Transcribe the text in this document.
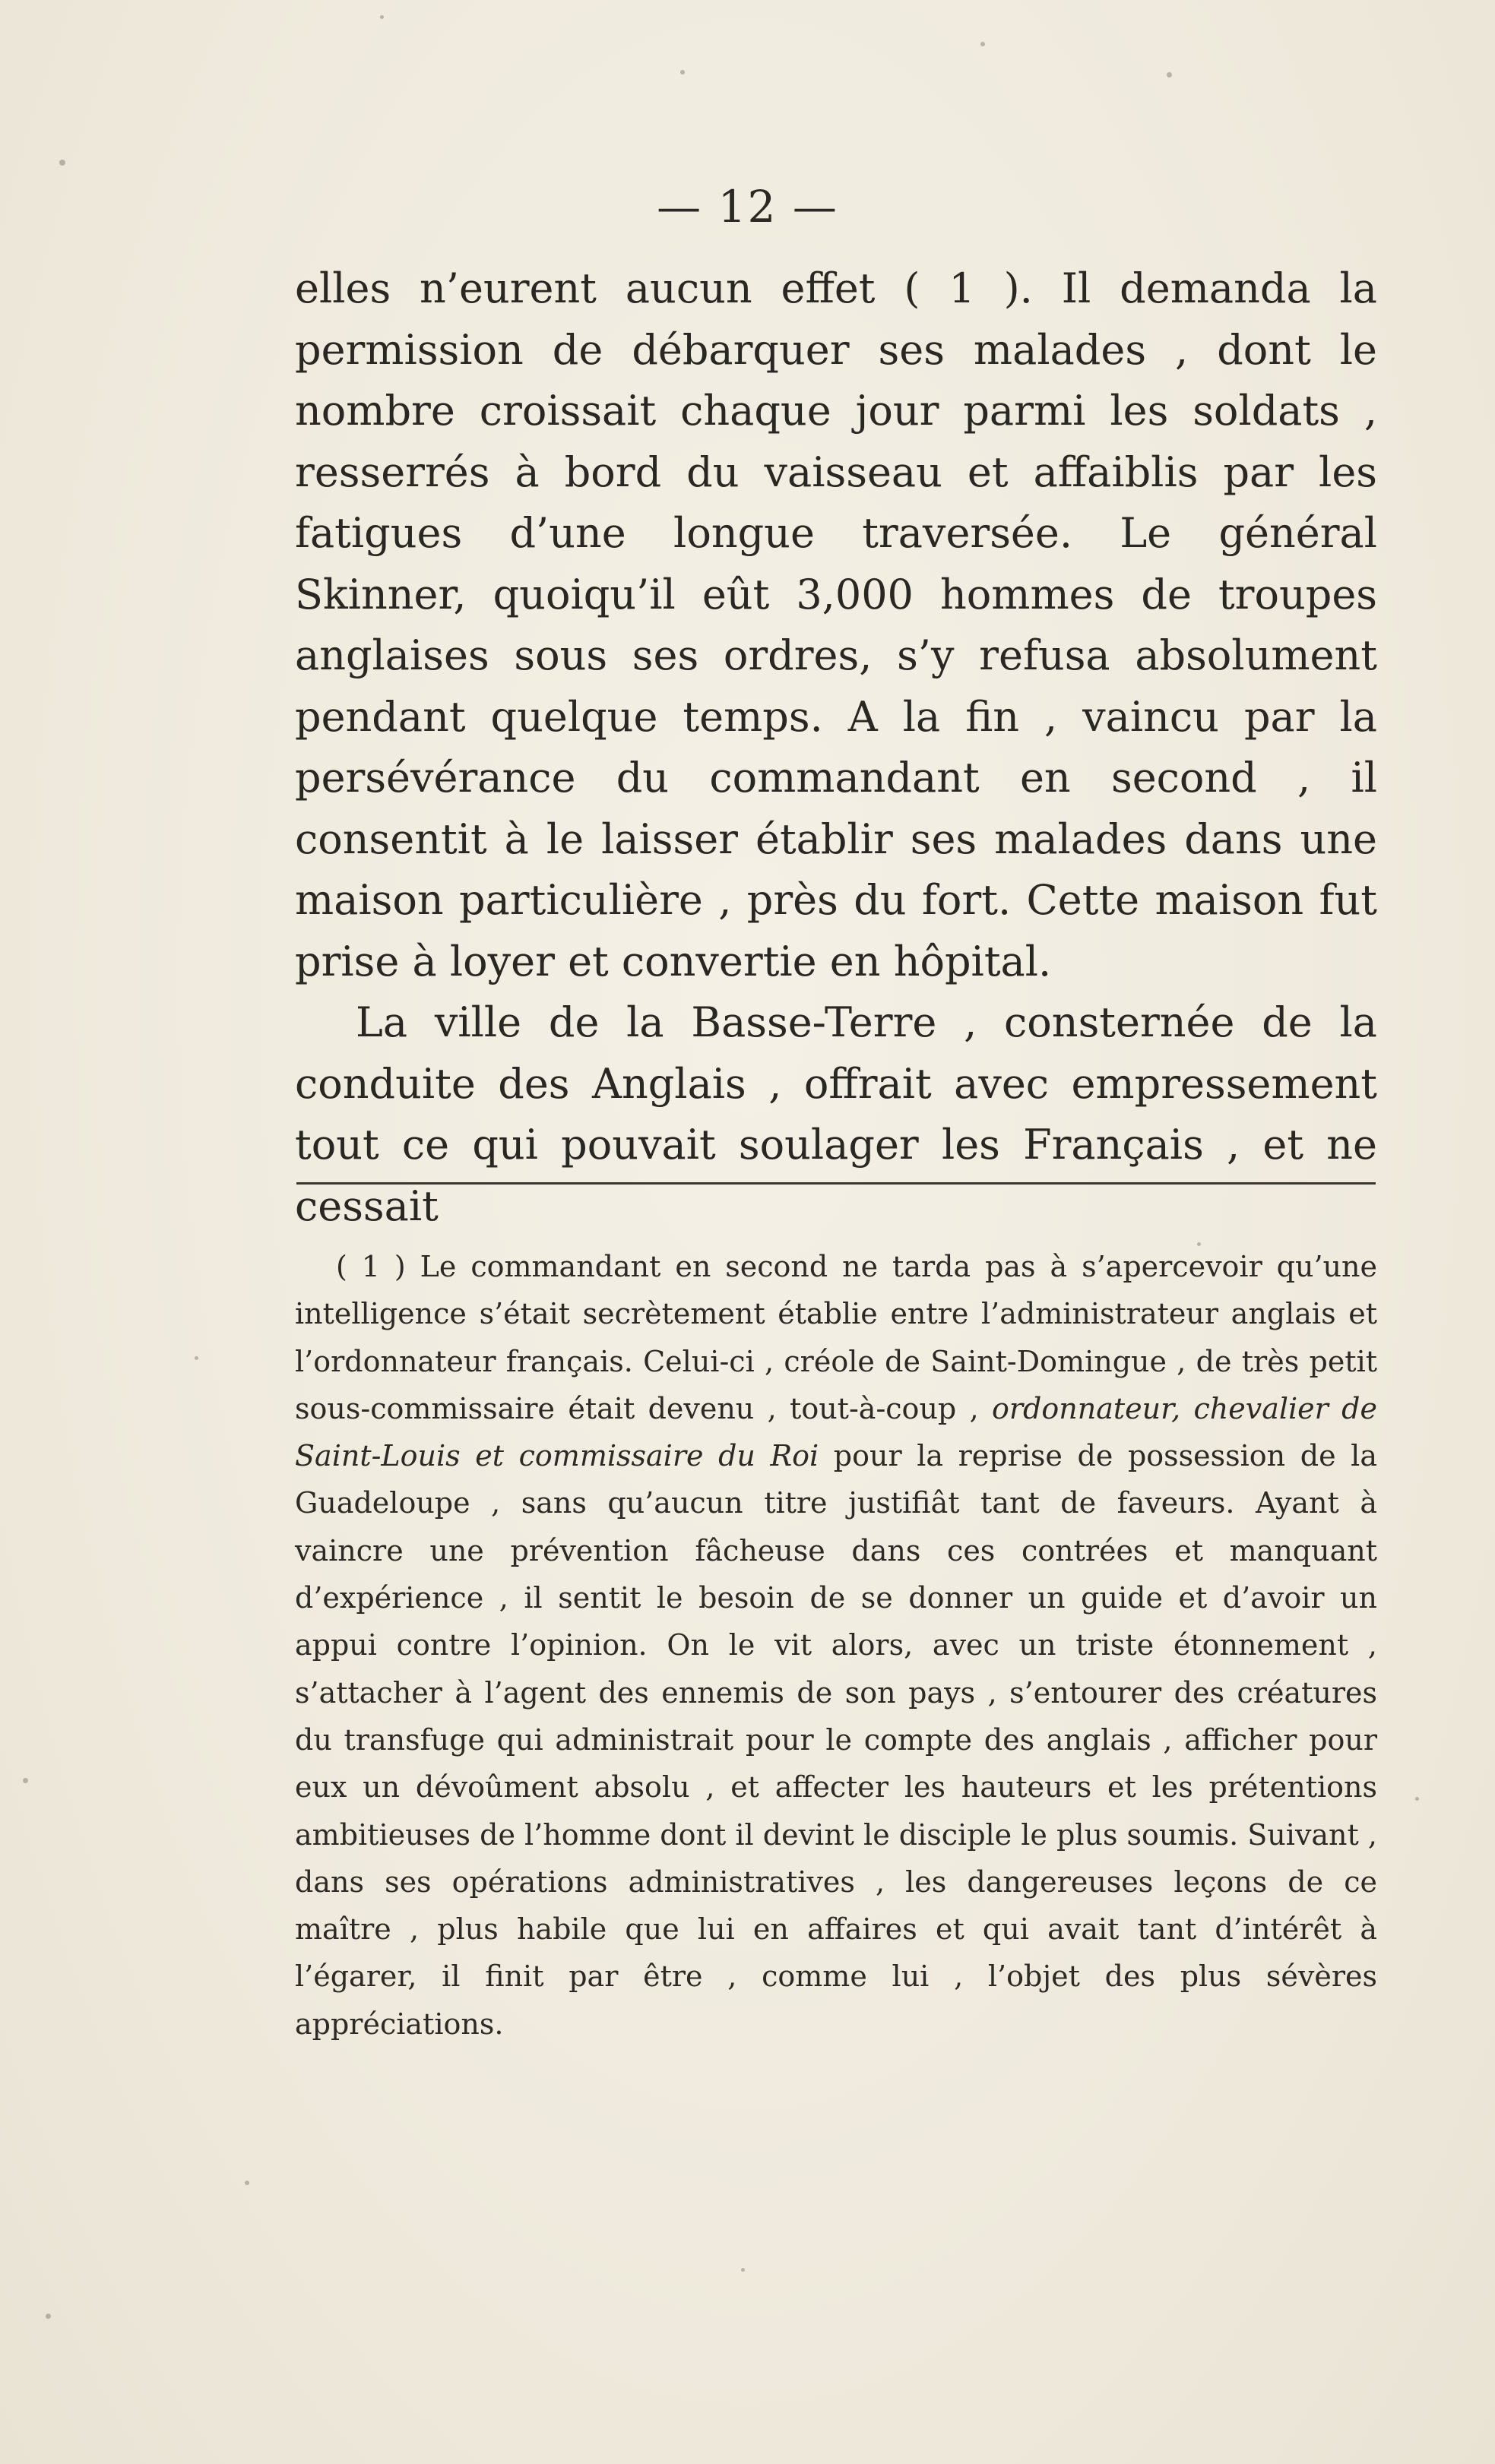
— 12 —

elles n’eurent aucun effet ( 1 ). Il demanda la permission de débarquer ses malades , dont le nombre croissait chaque jour parmi les soldats , resserrés à bord du vaisseau et affaiblis par les fatigues d’une longue traversée. Le général Skinner, quoiqu’il eût 3,000 hommes de troupes anglaises sous ses ordres, s’y refusa absolument pendant quelque temps. A la fin , vaincu par la persévérance du commandant en second , il consentit à le laisser établir ses malades dans une maison particulière , près du fort. Cette maison fut prise à loyer et convertie en hôpital.

La ville de la Basse-Terre , consternée de la conduite des Anglais , offrait avec empressement tout ce qui pouvait soulager les Français , et ne cessait

( 1 ) Le commandant en second ne tarda pas à s’apercevoir qu’une intelligence s’était secrètement établie entre l’administrateur anglais et l’ordonnateur français. Celui-ci , créole de Saint-Domingue , de très petit sous-commissaire était devenu , tout-à-coup , ordonnateur, chevalier de Saint-Louis et commissaire du Roi pour la reprise de possession de la Guadeloupe , sans qu’aucun titre justifiât tant de faveurs. Ayant à vaincre une prévention fâcheuse dans ces contrées et manquant d’expérience , il sentit le besoin de se donner un guide et d’avoir un appui contre l’opinion. On le vit alors, avec un triste étonnement , s’attacher à l’agent des ennemis de son pays , s’entourer des créatures du transfuge qui administrait pour le compte des anglais , afficher pour eux un dévoûment absolu , et affecter les hauteurs et les prétentions ambitieuses de l’homme dont il devint le disciple le plus soumis. Suivant , dans ses opérations administratives , les dangereuses leçons de ce maître , plus habile que lui en affaires et qui avait tant d’intérêt à l’égarer, il finit par être , comme lui , l’objet des plus sévères appréciations.
